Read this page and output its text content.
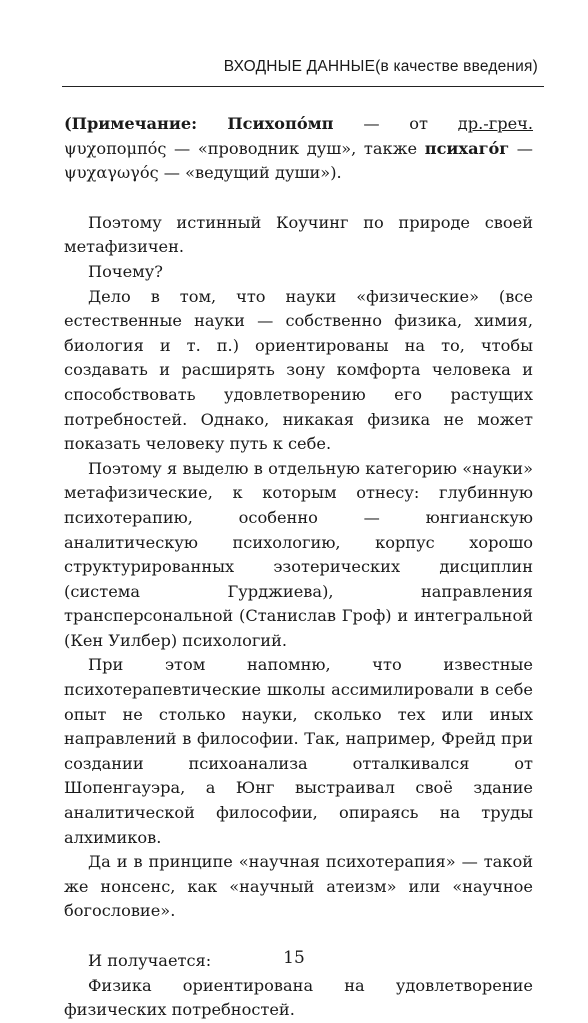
ВХОДНЫЕ ДАННЫЕ(в качестве введения)

(Примечание: Психопо́мп — от др.-греч. ψυχοπομπός — «проводник душ», также психаго́г — ψυχαγωγός — «ведущий души»).

Поэтому истинный Коучинг по природе своей метафизичен.

Почему?

Дело в том, что науки «физические» (все естественные науки — собственно физика, химия, биология и т. п.) ориентированы на то, чтобы создавать и расширять зону комфорта человека и способствовать удовлетворению его растущих потребностей. Однако, никакая физика не может показать человеку путь к себе.

Поэтому я выделю в отдельную категорию «науки» метафизические, к которым отнесу: глубинную психотерапию, особенно — юнгианскую аналитическую психологию, корпус хорошо структурированных эзотерических дисциплин (система Гурджиева), направления трансперсональной (Станислав Гроф) и интегральной (Кен Уилбер) психологий.

При этом напомню, что известные психотерапевтические школы ассимилировали в себе опыт не столько науки, сколько тех или иных направлений в философии. Так, например, Фрейд при создании психоанализа отталкивался от Шопенгауэра, а Юнг выстраивал своё здание аналитической философии, опираясь на труды алхимиков.

Да и в принципе «научная психотерапия» — такой же нонсенс, как «научный атеизм» или «научное богословие».

И получается:

Физика ориентирована на удовлетворение физических потребностей.

15
